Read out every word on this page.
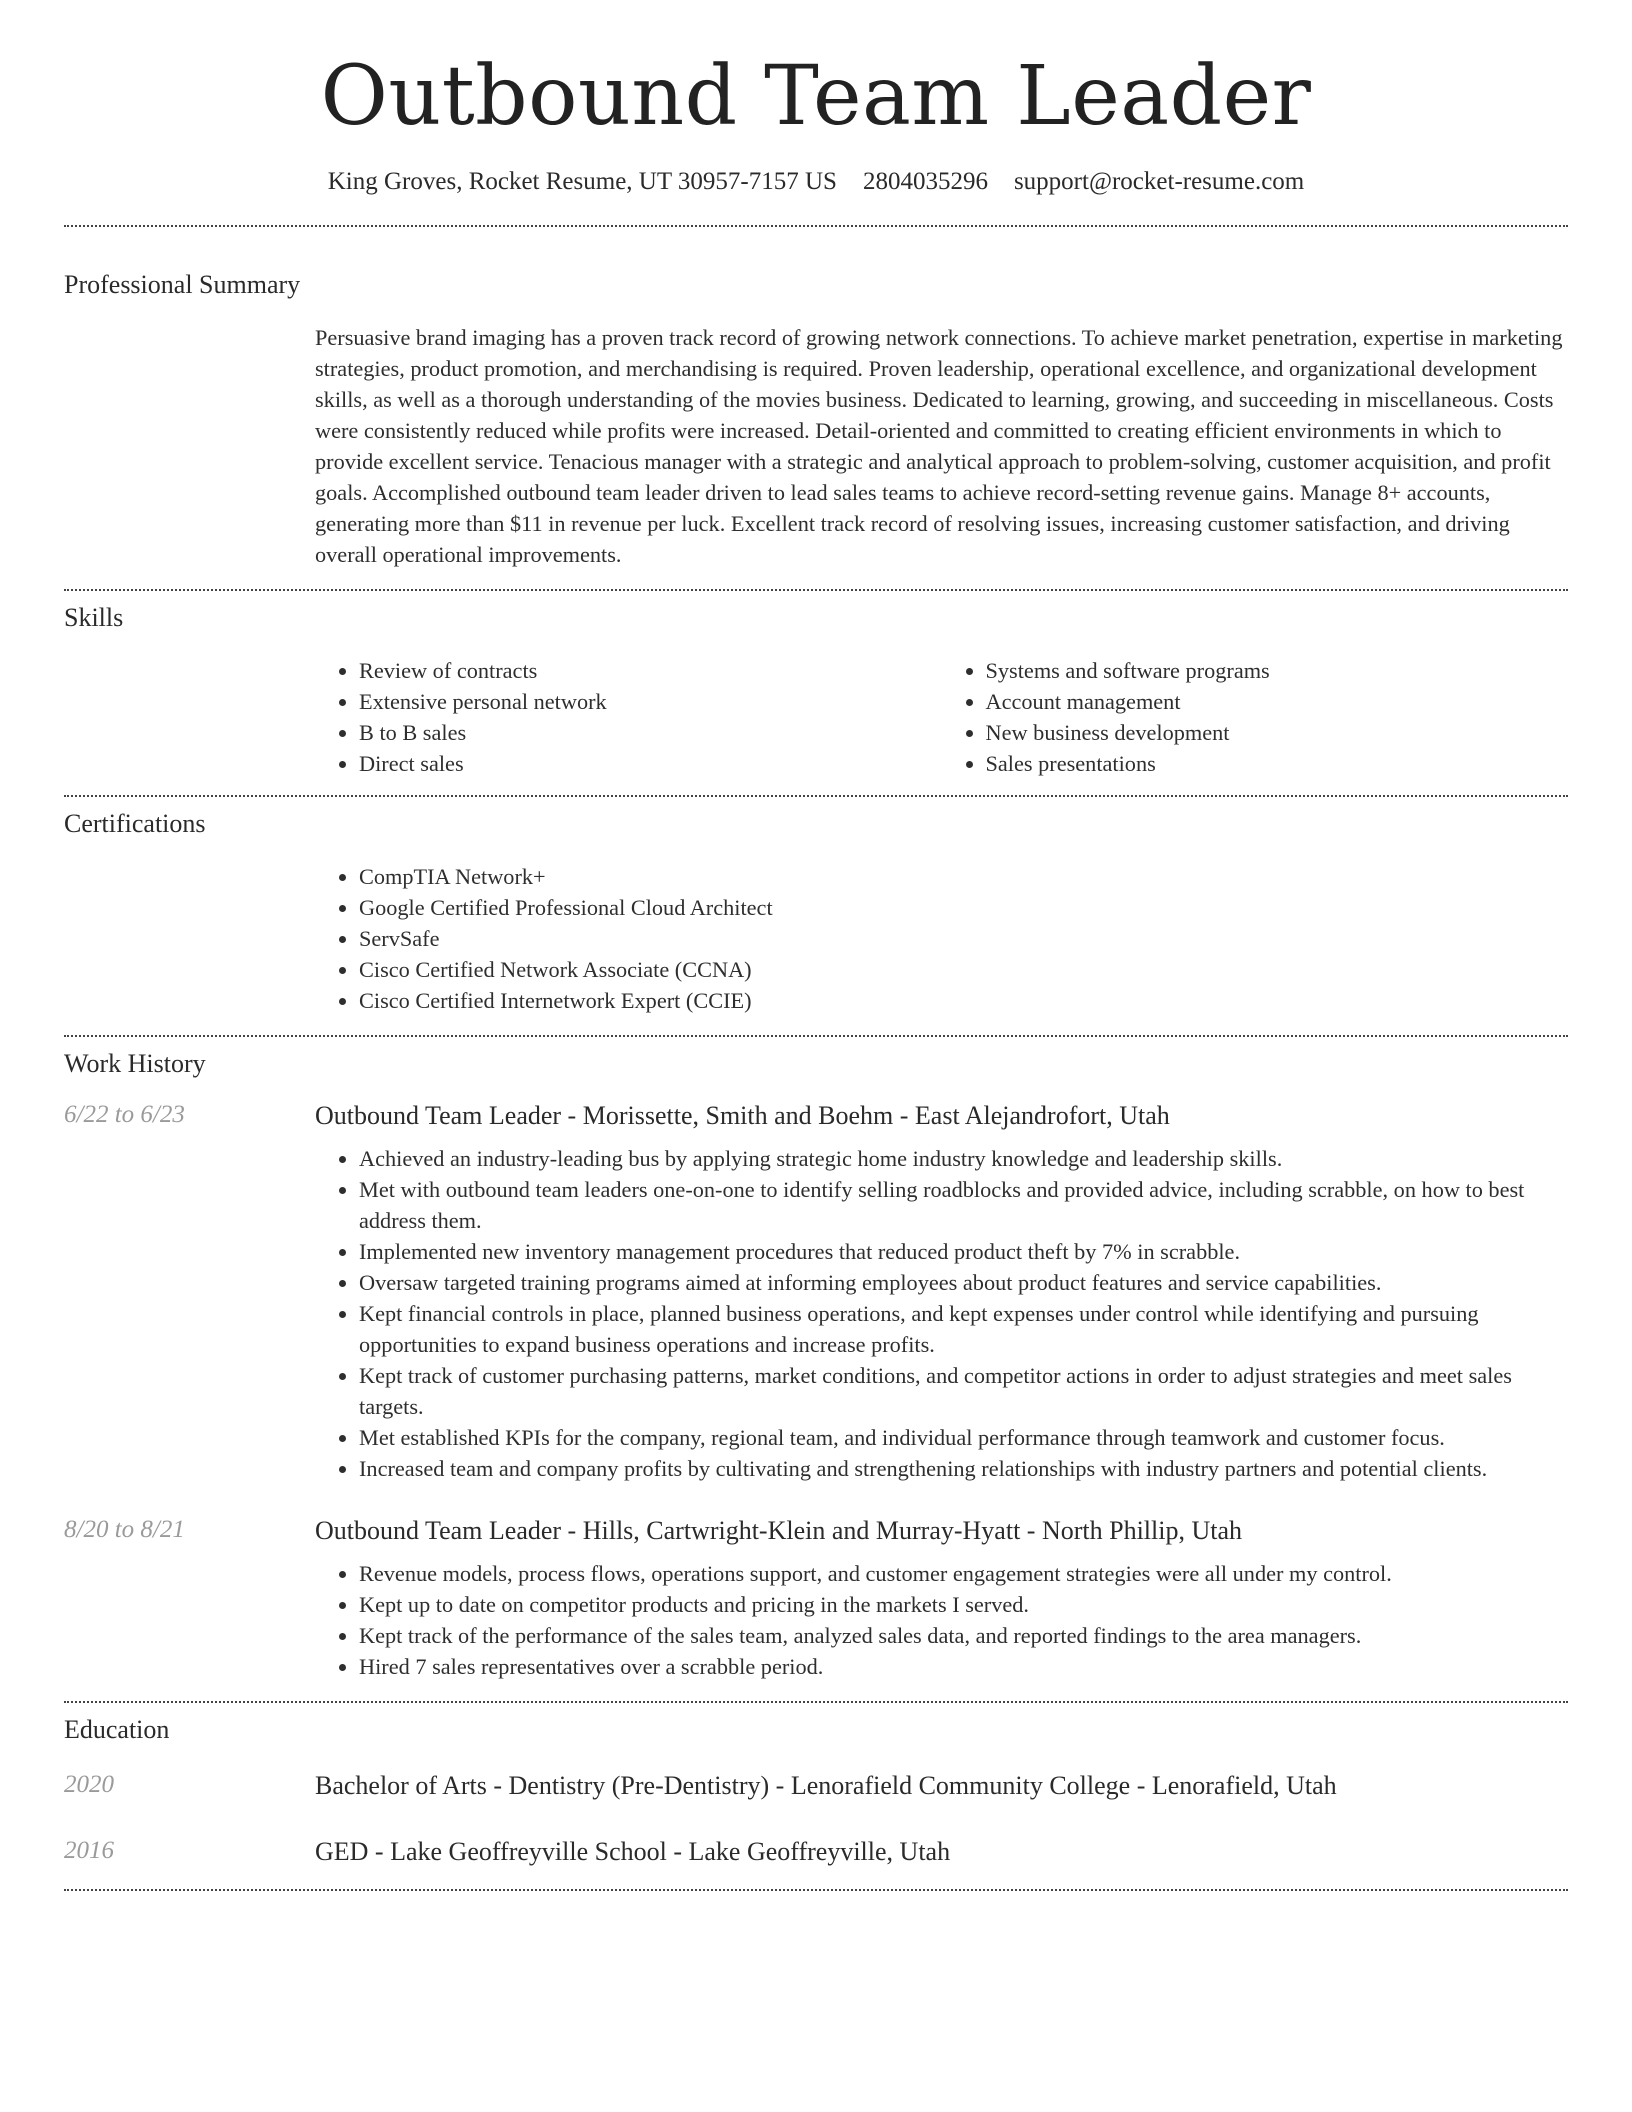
Outbound Team Leader
King Groves, Rocket Resume, UT 30957-7157 US 2804035296 support@rocket-resume.com
Professional Summary

Persuasive brand imaging has a proven track record of growing network connections. To achieve market penetration, expertise in marketing strategies, product promotion, and merchandising is required. Proven leadership, operational excellence, and organizational development skills, as well as a thorough understanding of the movies business. Dedicated to learning, growing, and succeeding in miscellaneous. Costs were consistently reduced while profits were increased. Detail-oriented and committed to creating efficient environments in which to provide excellent service. Tenacious manager with a strategic and analytical approach to problem-solving, customer acquisition, and profit goals. Accomplished outbound team leader driven to lead sales teams to achieve record-setting revenue gains. Manage 8+ accounts, generating more than $11 in revenue per luck. Excellent track record of resolving issues, increasing customer satisfaction, and driving overall operational improvements.

Skills
• Review of contracts
• Extensive personal network
• B to B sales
• Direct sales
• Systems and software programs
• Account management
• New business development
• Sales presentations
Certifications
• CompTIA Network+
• Google Certified Professional Cloud Architect
• ServSafe
• Cisco Certified Network Associate (CCNA)
• Cisco Certified Internetwork Expert (CCIE)
Work History
6/22 to 6/23	Outbound Team Leader - Morissette, Smith and Boehm - East Alejandrofort, Utah
• Achieved an industry-leading bus by applying strategic home industry knowledge and leadership skills.
• Met with outbound team leaders one-on-one to identify selling roadblocks and provided advice, including scrabble, on how to best address them.
• Implemented new inventory management procedures that reduced product theft by 7% in scrabble.
• Oversaw targeted training programs aimed at informing employees about product features and service capabilities.
• Kept financial controls in place, planned business operations, and kept expenses under control while identifying and pursuing opportunities to expand business operations and increase profits.
• Kept track of customer purchasing patterns, market conditions, and competitor actions in order to adjust strategies and meet sales targets.
• Met established KPIs for the company, regional team, and individual performance through teamwork and customer focus.
• Increased team and company profits by cultivating and strengthening relationships with industry partners and potential clients.
8/20 to 8/21	Outbound Team Leader - Hills, Cartwright-Klein and Murray-Hyatt - North Phillip, Utah
• Revenue models, process flows, operations support, and customer engagement strategies were all under my control.
• Kept up to date on competitor products and pricing in the markets I served.
• Kept track of the performance of the sales team, analyzed sales data, and reported findings to the area managers.
• Hired 7 sales representatives over a scrabble period.
Education
2020	Bachelor of Arts - Dentistry (Pre-Dentistry) - Lenorafield Community College - Lenorafield, Utah
2016	GED - Lake Geoffreyville School - Lake Geoffreyville, Utah
